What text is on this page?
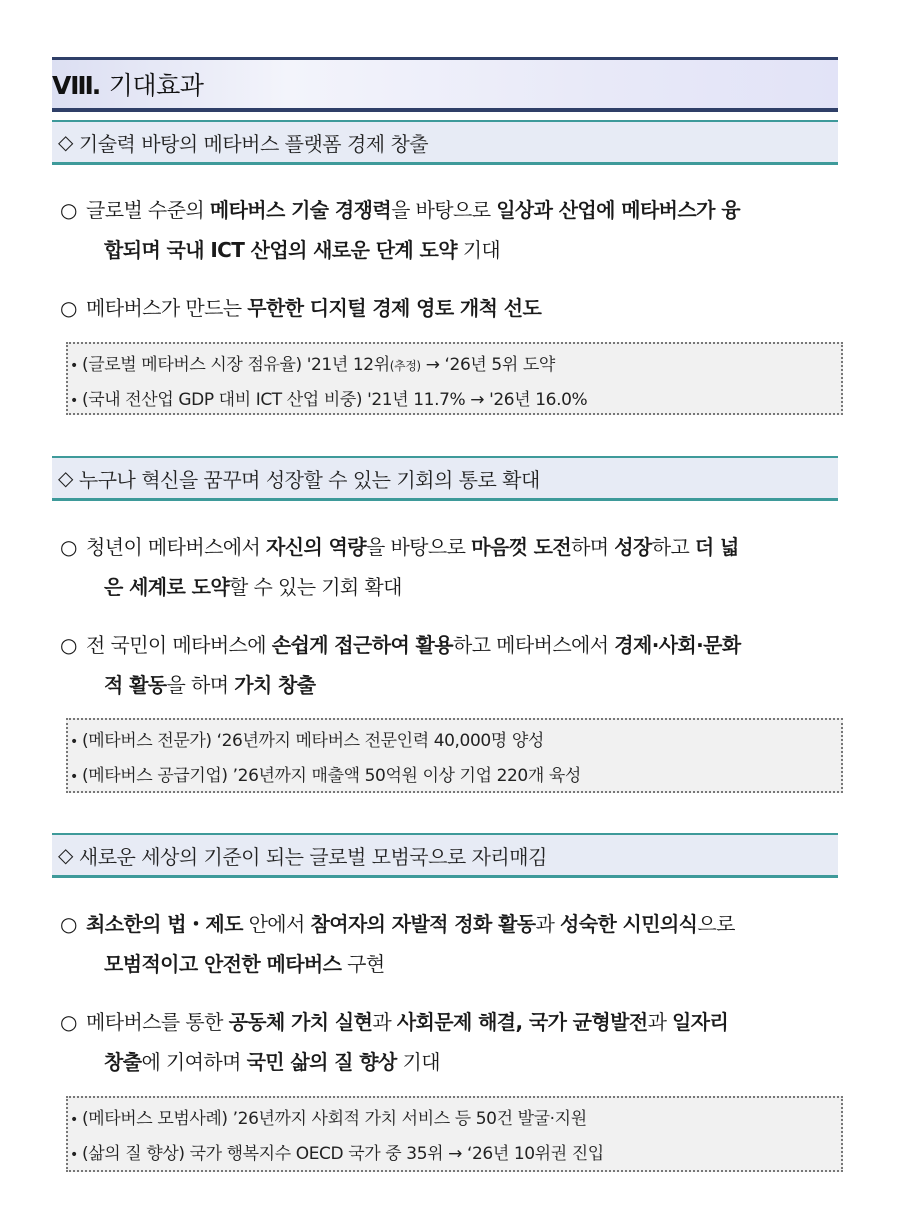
Ⅷ. 기대효과
◇ 기술력 바탕의 메타버스 플랫폼 경제 창출
○ 글로벌 수준의 메타버스 기술 경쟁력을 바탕으로 일상과 산업에 메타버스가 융
합되며 국내 ICT 산업의 새로운 단계 도약 기대
○ 메타버스가 만드는 무한한 디지털 경제 영토 개척 선도
• (글로벌 메타버스 시장 점유율) '21년 12위(추정) → ‘26년 5위 도약
• (국내 전산업 GDP 대비 ICT 산업 비중) '21년 11.7% → '26년 16.0%
◇ 누구나 혁신을 꿈꾸며 성장할 수 있는 기회의 통로 확대
○ 청년이 메타버스에서 자신의 역량을 바탕으로 마음껏 도전하며 성장하고 더 넓
은 세계로 도약할 수 있는 기회 확대
○ 전 국민이 메타버스에 손쉽게 접근하여 활용하고 메타버스에서 경제·사회·문화
적 활동을 하며 가치 창출
• (메타버스 전문가) ‘26년까지 메타버스 전문인력 40,000명 양성
• (메타버스 공급기업) ’26년까지 매출액 50억원 이상 기업 220개 육성
◇ 새로운 세상의 기준이 되는 글로벌 모범국으로 자리매김
○ 최소한의 법・제도 안에서 참여자의 자발적 정화 활동과 성숙한 시민의식으로
모범적이고 안전한 메타버스 구현
○ 메타버스를 통한 공동체 가치 실현과 사회문제 해결, 국가 균형발전과 일자리
창출에 기여하며 국민 삶의 질 향상 기대
• (메타버스 모범사례) ’26년까지 사회적 가치 서비스 등 50건 발굴·지원
• (삶의 질 향상) 국가 행복지수 OECD 국가 중 35위 → ‘26년 10위권 진입
